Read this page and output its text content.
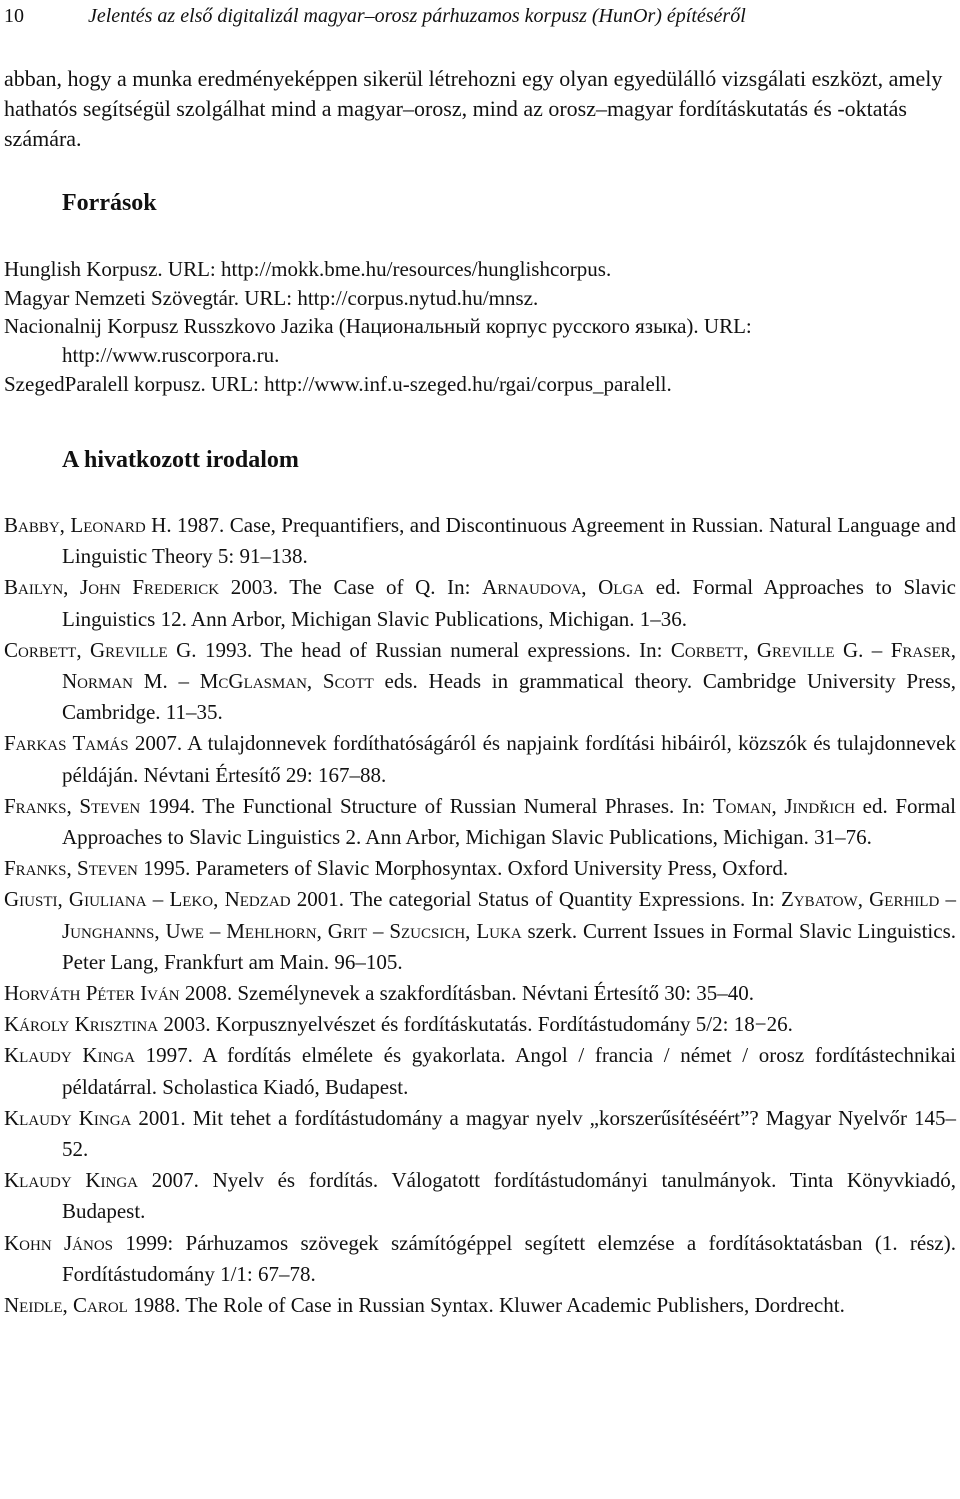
10	Jelentés az első digitalizál magyar–orosz párhuzamos korpusz (HunOr) építéséről

abban, hogy a munka eredményeképpen sikerül létrehozni egy olyan egyedülálló vizsgálati eszközt, amely hathatós segítségül szolgálhat mind a magyar–orosz, mind az orosz–magyar fordításkutatás és -oktatás számára.

Források
Hunglish Korpusz. URL: http://mokk.bme.hu/resources/hunglishcorpus.
Magyar Nemzeti Szövegtár. URL: http://corpus.nytud.hu/mnsz.
Nacionalnij Korpusz Russzkovo Jazika (Национальный корпус русского языка). URL: http://www.ruscorpora.ru.
SzegedParalell korpusz. URL: http://www.inf.u-szeged.hu/rgai/corpus_paralell.
A hivatkozott irodalom
Babby, Leonard H. 1987. Case, Prequantifiers, and Discontinuous Agreement in Russian. Natural Language and Linguistic Theory 5: 91–138.
Bailyn, John Frederick 2003. The Case of Q. In: Arnaudova, Olga ed. Formal Approaches to Slavic Linguistics 12. Ann Arbor, Michigan Slavic Publications, Michigan. 1–36.
Corbett, Greville G. 1993. The head of Russian numeral expressions. In: Corbett, Greville G. – Fraser, Norman M. – McGlasman, Scott eds. Heads in grammatical theory. Cambridge University Press, Cambridge. 11–35.
Farkas Tamás 2007. A tulajdonnevek fordíthatóságáról és napjaink fordítási hibáiról, közszók és tulajdonnevek példáján. Névtani Értesítő 29: 167–88.
Franks, Steven 1994. The Functional Structure of Russian Numeral Phrases. In: Toman, Jindřich ed. Formal Approaches to Slavic Linguistics 2. Ann Arbor, Michigan Slavic Publications, Michigan. 31–76.
Franks, Steven 1995. Parameters of Slavic Morphosyntax. Oxford University Press, Oxford.
Giusti, Giuliana – Leko, Nedzad 2001. The categorial Status of Quantity Expressions. In: Zybatow, Gerhild – Junghanns, Uwe – Mehlhorn, Grit – Szucsich, Luka szerk. Current Issues in Formal Slavic Linguistics. Peter Lang, Frankfurt am Main. 96–105.
Horváth Péter Iván 2008. Személynevek a szakfordításban. Névtani Értesítő 30: 35–40.
Károly Krisztina 2003. Korpusznyelvészet és fordításkutatás. Fordítástudomány 5/2: 18−26.
Klaudy Kinga 1997. A fordítás elmélete és gyakorlata. Angol / francia / német / orosz fordítástechnikai példatárral. Scholastica Kiadó, Budapest.
Klaudy Kinga 2001. Mit tehet a fordítástudomány a magyar nyelv „korszerűsítéséért”? Magyar Nyelvőr 145–52.
Klaudy Kinga 2007. Nyelv és fordítás. Válogatott fordítástudományi tanulmányok. Tinta Könyvkiadó, Budapest.
Kohn János 1999: Párhuzamos szövegek számítógéppel segített elemzése a fordításoktatásban (1. rész). Fordítástudomány 1/1: 67–78.
Neidle, Carol 1988. The Role of Case in Russian Syntax. Kluwer Academic Publishers, Dordrecht.
